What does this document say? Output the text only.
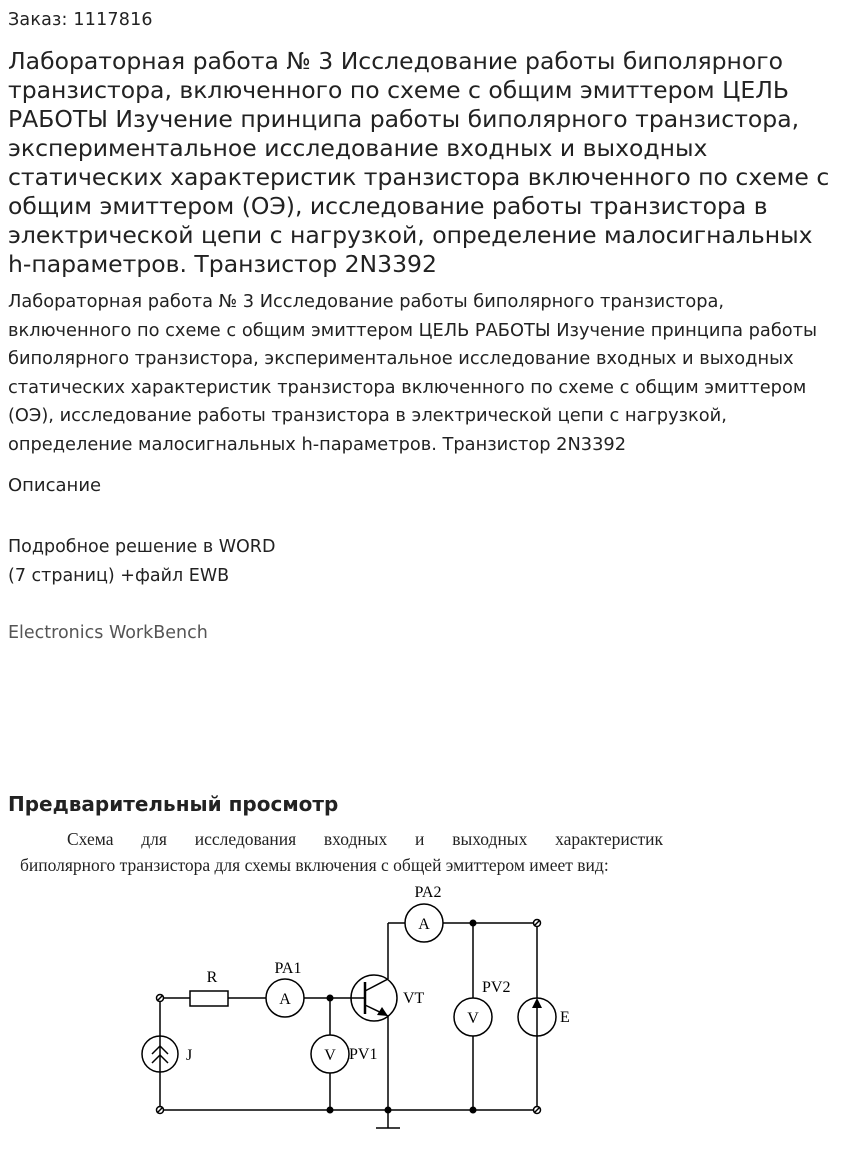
Заказ: 1117816
Лабораторная работа № 3 Исследование работы биполярного транзистора, включенного по схеме с общим эмиттером ЦЕЛЬ РАБОТЫ Изучение принципа работы биполярного транзистора, экспериментальное исследование входных и выходных статических характеристик транзистора включенного по схеме с общим эмиттером (ОЭ), исследование работы транзистора в электрической цепи с нагрузкой, определение малосигнальных h-параметров. Транзистор 2N3392
Лабораторная работа № 3 Исследование работы биполярного транзистора, включенного по схеме с общим эмиттером ЦЕЛЬ РАБОТЫ Изучение принципа работы биполярного транзистора, экспериментальное исследование входных и выходных статических характеристик транзистора включенного по схеме с общим эмиттером (ОЭ), исследование работы транзистора в электрической цепи с нагрузкой, определение малосигнальных h-параметров. Транзистор 2N3392
Описание
Подробное решение в WORD
(7 страниц) +файл EWB
Electronics WorkBench
Предварительный просмотр
Схема для исследования входных и выходных характеристик
биполярного транзистора для схемы включения с общей эмиттером имеет вид:
R
A
PA1
VT
V PV1
A
PA2
V
PV2
E
J
